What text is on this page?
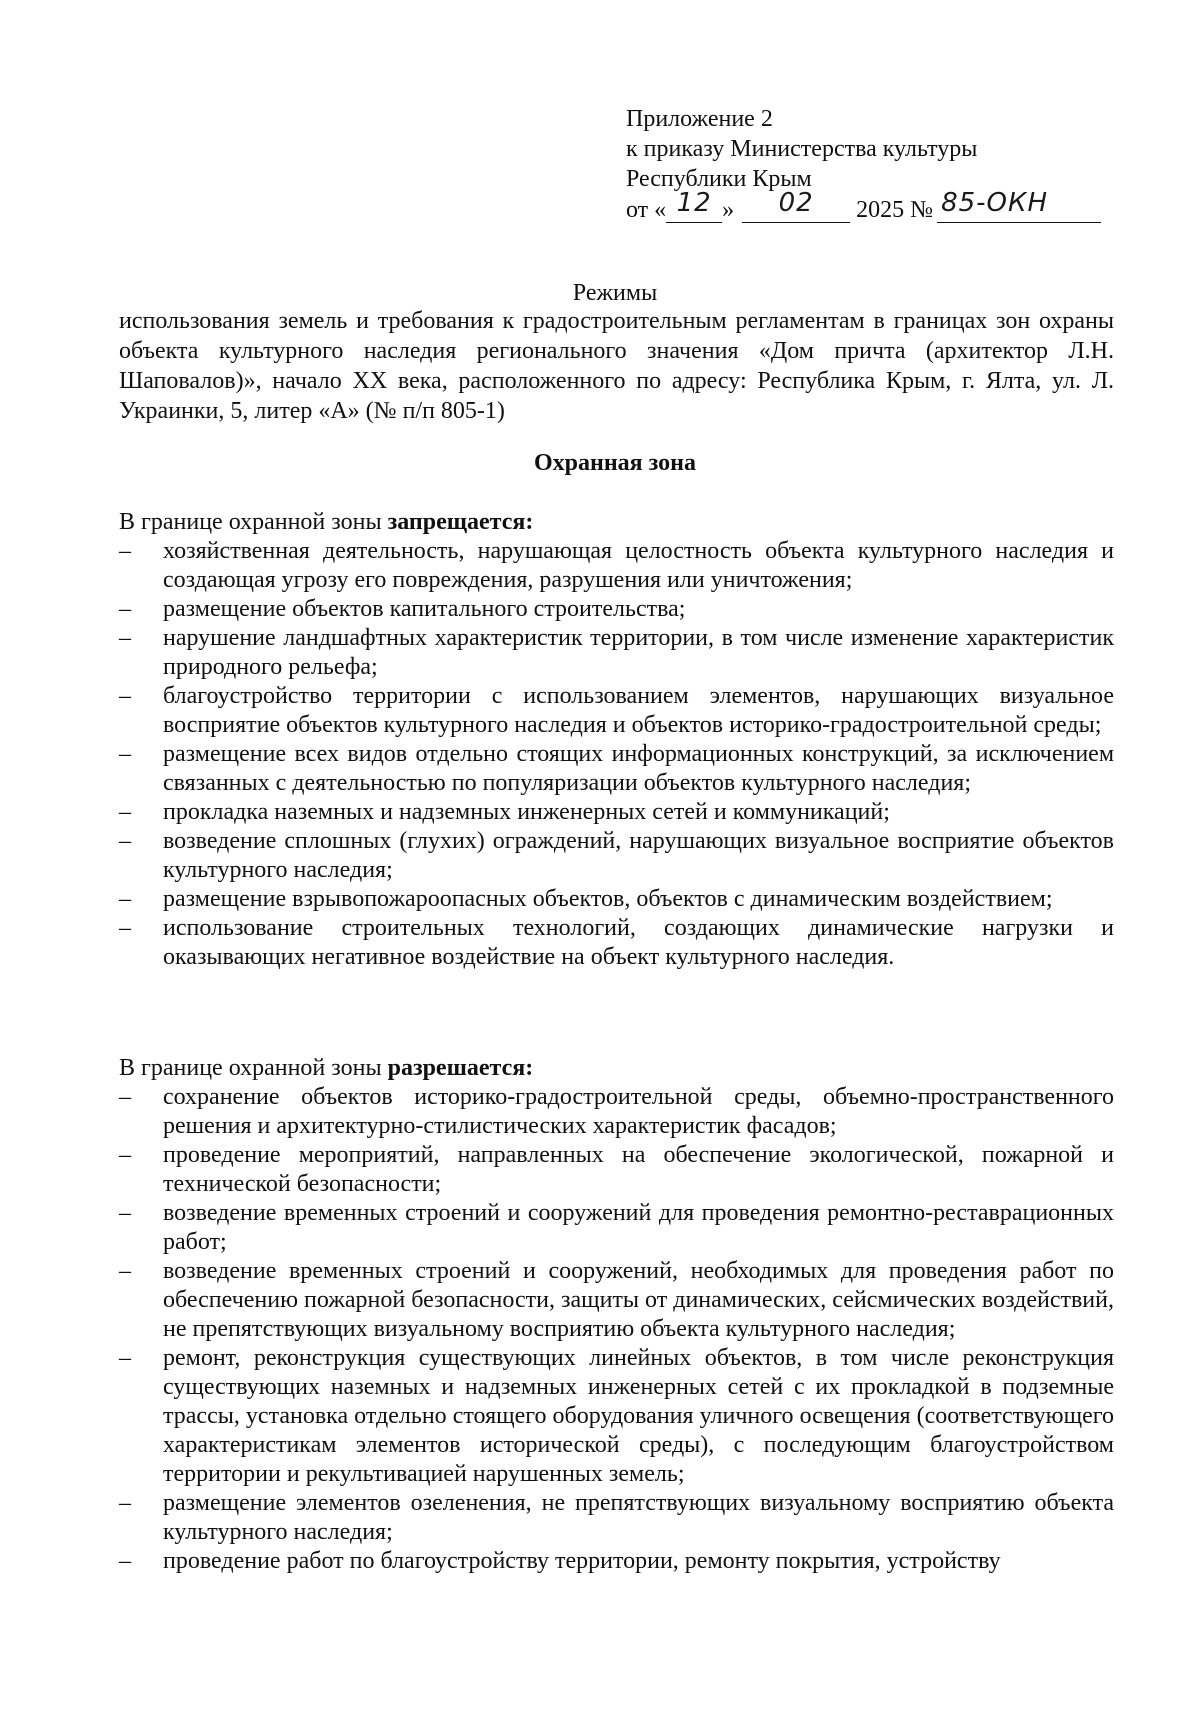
Приложение 2
к приказу Министерства культуры
Республики Крым
от « 12 » 02 2025 № 85-ОКН
Режимы
использования земель и требования к градостроительным регламентам в границах зон охраны объекта культурного наследия регионального значения «Дом причта (архитектор Л.Н. Шаповалов)», начало XX века, расположенного по адресу: Республика Крым, г. Ялта, ул. Л. Украинки, 5, литер «А» (№ п/п 805-1)
Охранная зона

В границе охранной зоны запрещается:

– хозяйственная деятельность, нарушающая целостность объекта культурного наследия и создающая угрозу его повреждения, разрушения или уничтожения;
– размещение объектов капитального строительства;
– нарушение ландшафтных характеристик территории, в том числе изменение характеристик природного рельефа;
– благоустройство территории с использованием элементов, нарушающих визуальное восприятие объектов культурного наследия и объектов историко-градостроительной среды;
– размещение всех видов отдельно стоящих информационных конструкций, за исключением связанных с деятельностью по популяризации объектов культурного наследия;
– прокладка наземных и надземных инженерных сетей и коммуникаций;
– возведение сплошных (глухих) ограждений, нарушающих визуальное восприятие объектов культурного наследия;
– размещение взрывопожароопасных объектов, объектов с динамическим воздействием;
– использование строительных технологий, создающих динамические нагрузки и оказывающих негативное воздействие на объект культурного наследия.

В границе охранной зоны разрешается:

– сохранение объектов историко-градостроительной среды, объемно-пространственного решения и архитектурно-стилистических характеристик фасадов;
– проведение мероприятий, направленных на обеспечение экологической, пожарной и технической безопасности;
– возведение временных строений и сооружений для проведения ремонтно-реставрационных работ;
– возведение временных строений и сооружений, необходимых для проведения работ по обеспечению пожарной безопасности, защиты от динамических, сейсмических воздействий, не препятствующих визуальному восприятию объекта культурного наследия;
– ремонт, реконструкция существующих линейных объектов, в том числе реконструкция существующих наземных и надземных инженерных сетей с их прокладкой в подземные трассы, установка отдельно стоящего оборудования уличного освещения (соответствующего характеристикам элементов исторической среды), с последующим благоустройством территории и рекультивацией нарушенных земель;
– размещение элементов озеленения, не препятствующих визуальному восприятию объекта культурного наследия;
– проведение работ по благоустройству территории, ремонту покрытия, устройству
